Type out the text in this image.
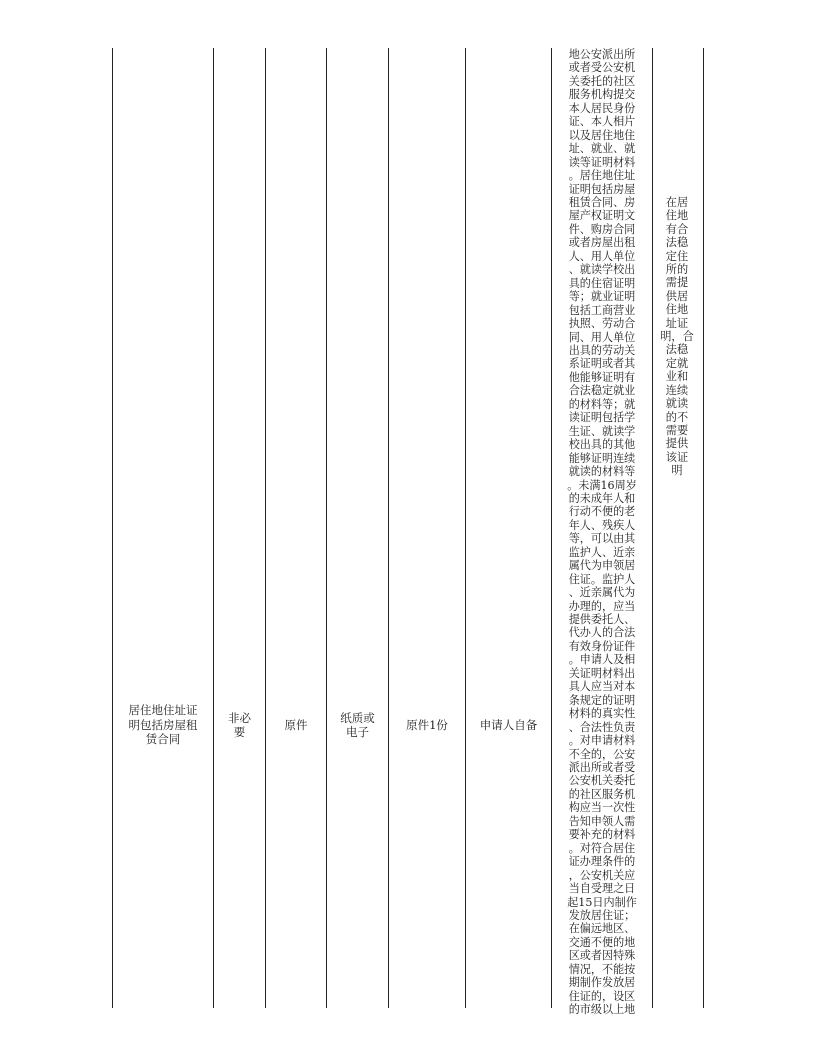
居住地住址证
明包括房屋租
赁合同
非必
要
原件
纸质或
电子
原件1份	申请人自备
地公安派出所
或者受公安机
关委托的社区
服务机构提交
本人居民身份
证、本人相片
以及居住地住
址、就业、就
读等证明材料
。居住地住址
证明包括房屋
租赁合同、房
屋产权证明文
件、购房合同
或者房屋出租
人、用人单位
、就读学校出
具的住宿证明
等；就业证明
包括工商营业
执照、劳动合
同、用人单位
出具的劳动关
系证明或者其
他能够证明有
合法稳定就业
的材料等；就
读证明包括学
生证、就读学
校出具的其他
能够证明连续
就读的材料等
。未满16周岁
的未成年人和
行动不便的老
年人、残疾人
等，可以由其
监护人、近亲
属代为申领居
住证。监护人
、近亲属代为
办理的，应当
提供委托人、
代办人的合法
有效身份证件
。申请人及相
关证明材料出
具人应当对本
条规定的证明
材料的真实性
、合法性负责
。对申请材料
不全的，公安
派出所或者受
公安机关委托
的社区服务机
构应当一次性
告知申领人需
要补充的材料
。对符合居住
证办理条件的
，公安机关应
当自受理之日
起15日内制作
发放居住证；
在偏远地区、
交通不便的地
区或者因特殊
情况，不能按
期制作发放居
住证的，设区
的市级以上地
在居
住地
有合
法稳
定住
所的
需提
供居
住地
址证
明，合
法稳
定就
业和
连续
就读
的不
需要
提供
该证
明
